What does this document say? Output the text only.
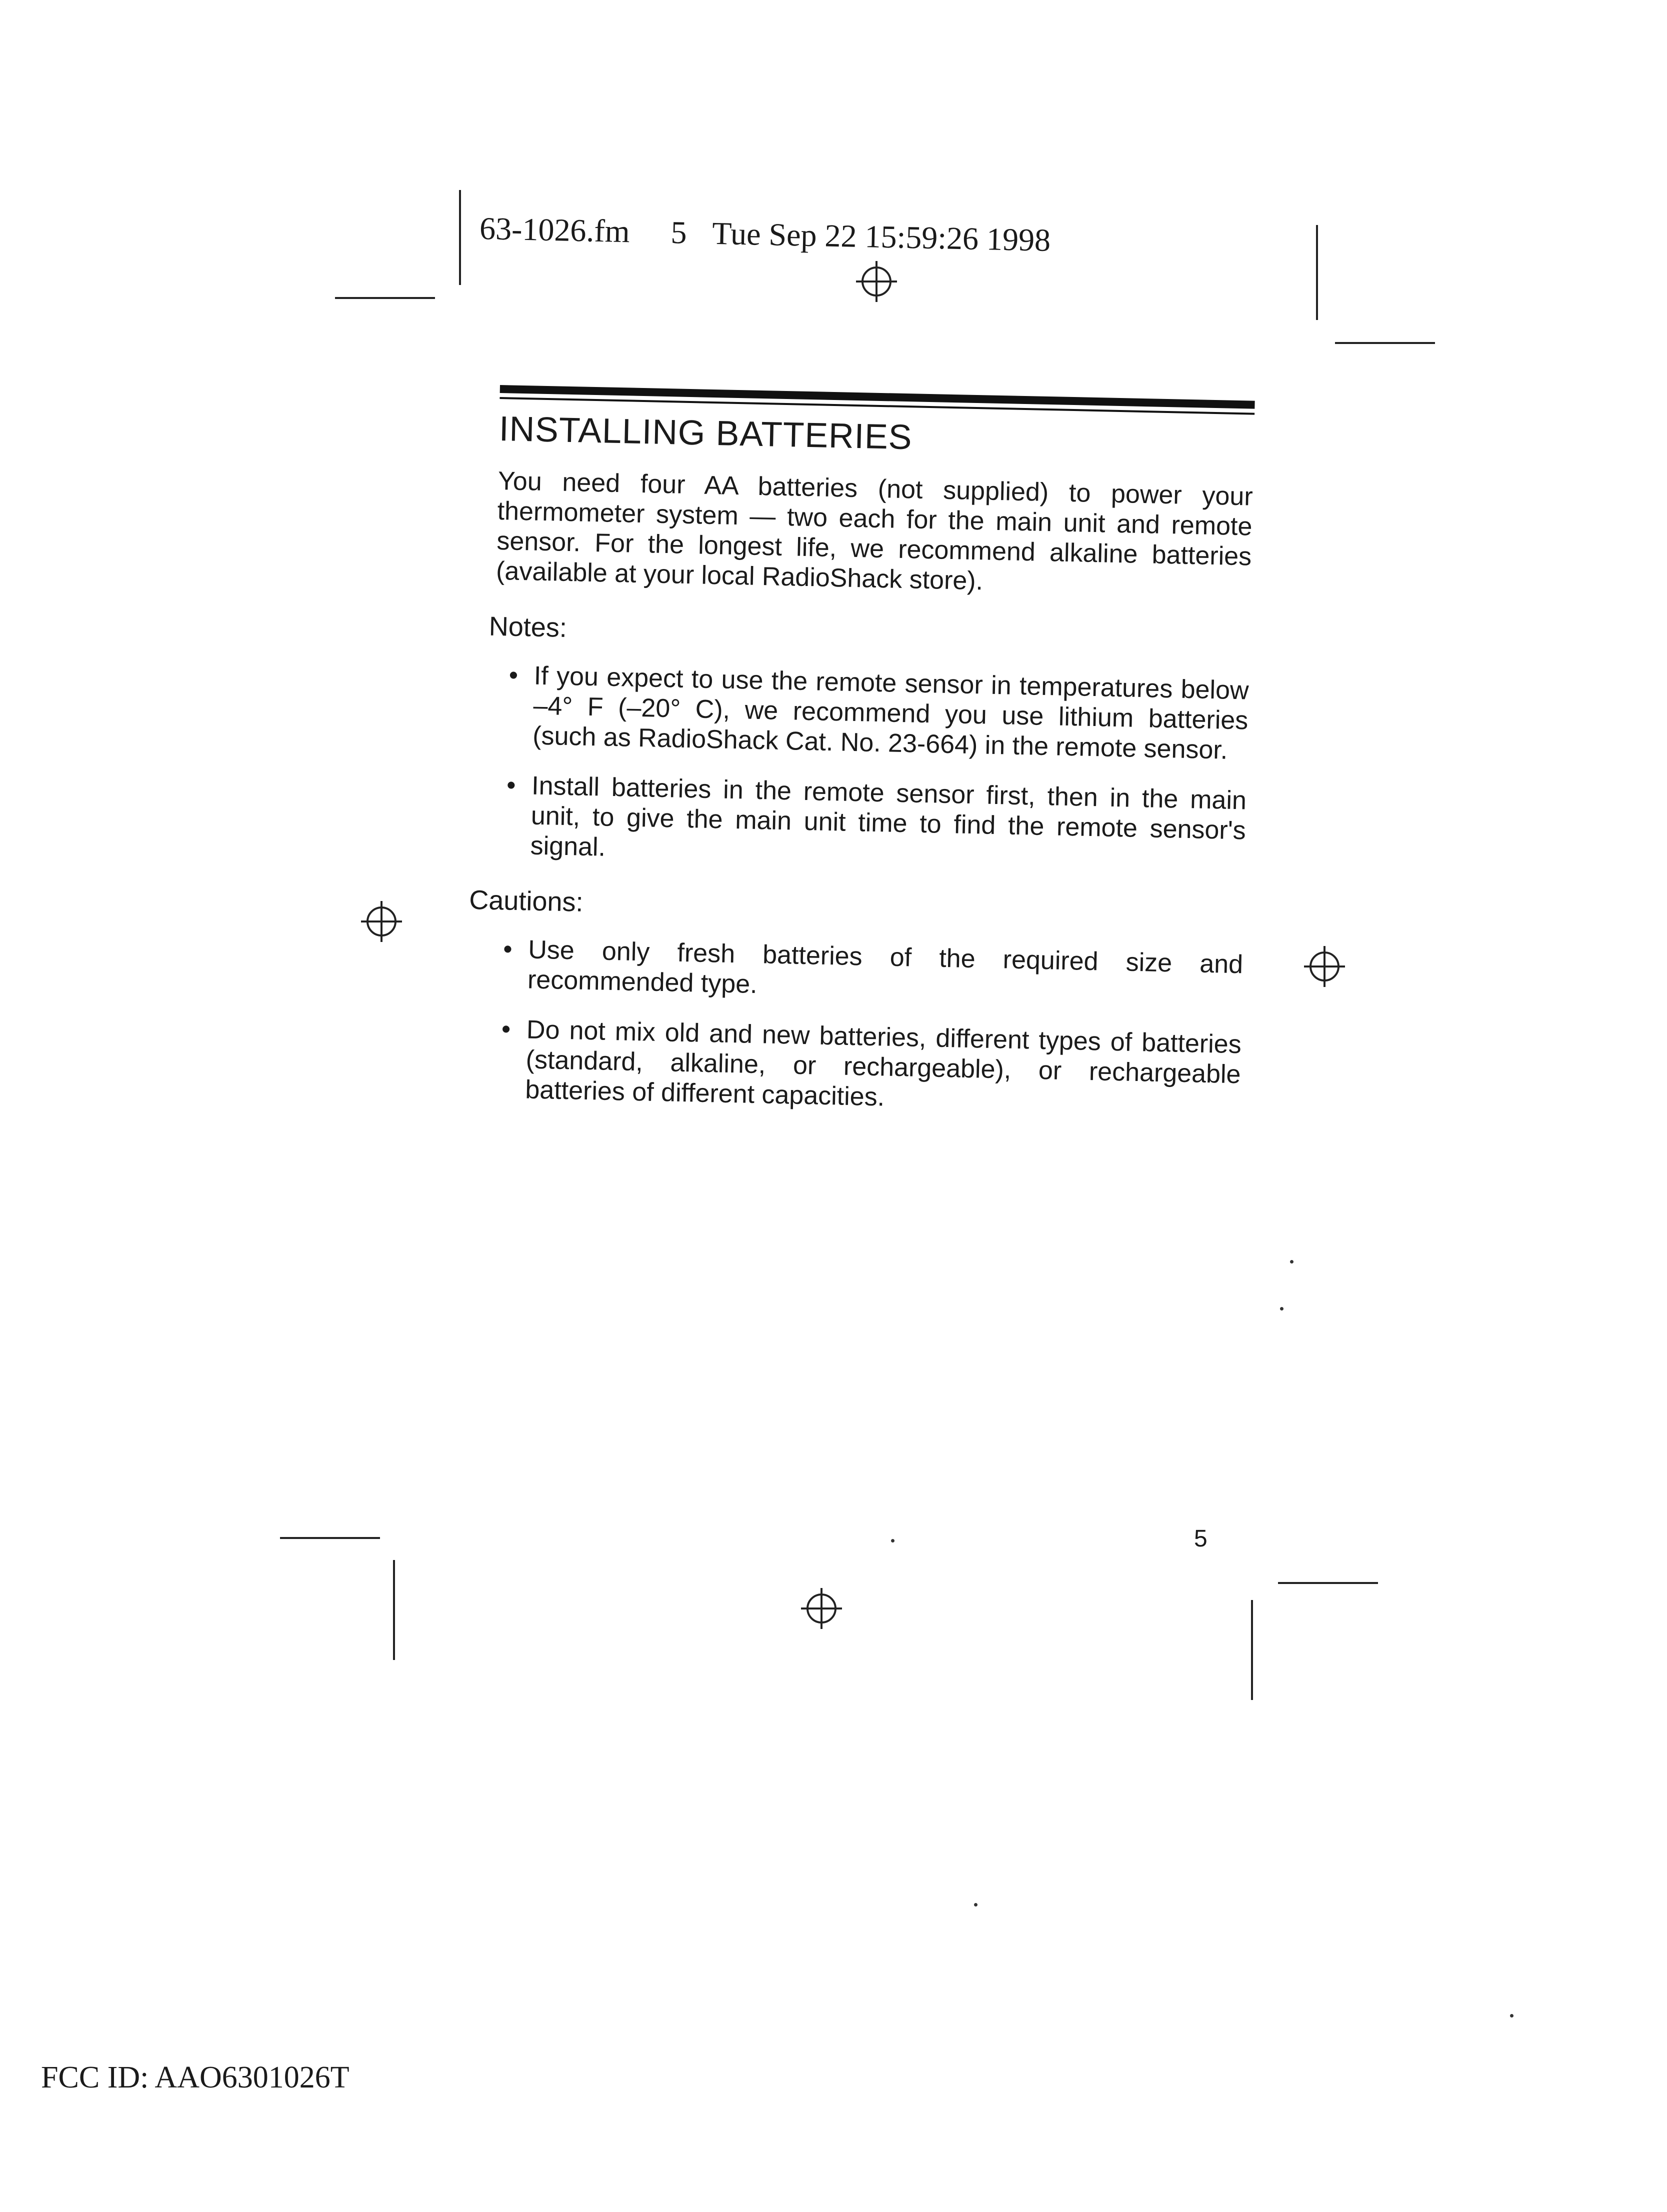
63-1026.fm 5 Tue Sep 22 15:59:26 1998
INSTALLING BATTERIES

You need four AA batteries (not supplied) to power your thermometer system — two each for the main unit and remote sensor. For the longest life, we recommend alkaline batteries (available at your local RadioShack store).

Notes:
• If you expect to use the remote sensor in temperatures below –4° F (–20° C), we recommend you use lithium batteries (such as RadioShack Cat. No. 23-664) in the remote sensor.
• Install batteries in the remote sensor first, then in the main unit, to give the main unit time to find the remote sensor's signal.
Cautions:
• Use only fresh batteries of the required size and recommended type.
• Do not mix old and new batteries, different types of batteries (standard, alkaline, or rechargeable), or rechargeable batteries of different capacities.
5
FCC ID: AAO6301026T
